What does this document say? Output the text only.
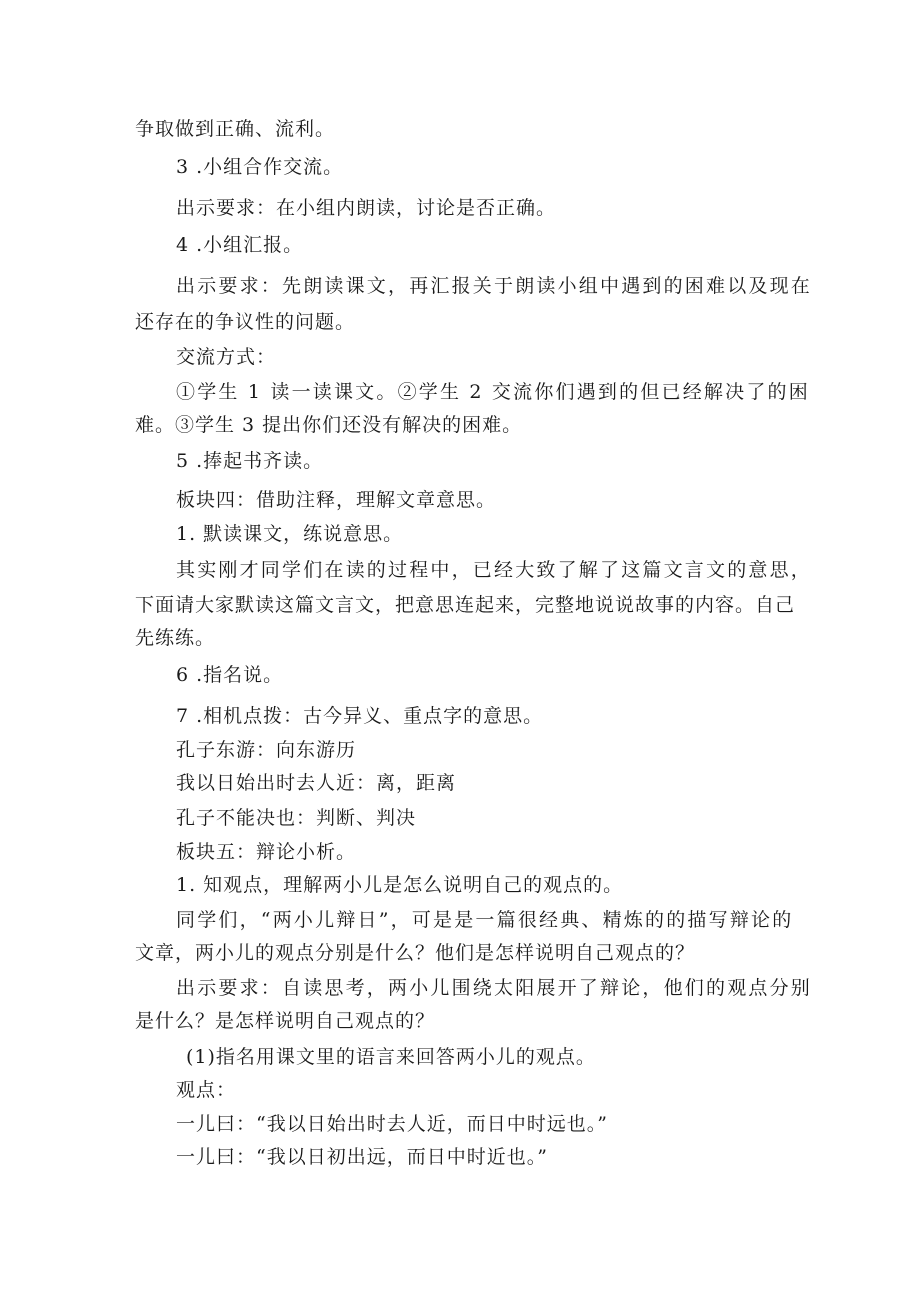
争取做到正确、流利。
3 .小组合作交流。
出示要求：在小组内朗读，讨论是否正确。
4 .小组汇报。
出示要求：先朗读课文，再汇报关于朗读小组中遇到的困难以及现在
还存在的争议性的问题。
交流方式：
①学生 1 读一读课文。②学生 2 交流你们遇到的但已经解决了的困
难。③学生 3 提出你们还没有解决的困难。
5 .捧起书齐读。
板块四：借助注释，理解文章意思。
1. 默读课文，练说意思。
其实刚才同学们在读的过程中，已经大致了解了这篇文言文的意思，
下面请大家默读这篇文言文，把意思连起来，完整地说说故事的内容。自己
先练练。
6 .指名说。
7 .相机点拨：古今异义、重点字的意思。
孔子东游：向东游历
我以日始出时去人近：离，距离
孔子不能决也：判断、判决
板块五：辩论小析。
1. 知观点，理解两小儿是怎么说明自己的观点的。
同学们，“两小儿辩日”，可是是一篇很经典、精炼的的描写辩论的
文章，两小儿的观点分别是什么？他们是怎样说明自己观点的？
出示要求：自读思考，两小儿围绕太阳展开了辩论，他们的观点分别
是什么？是怎样说明自己观点的？
(1)指名用课文里的语言来回答两小儿的观点。
观点：
一儿曰：“我以日始出时去人近，而日中时远也。”
一儿曰：“我以日初出远，而日中时近也。”
